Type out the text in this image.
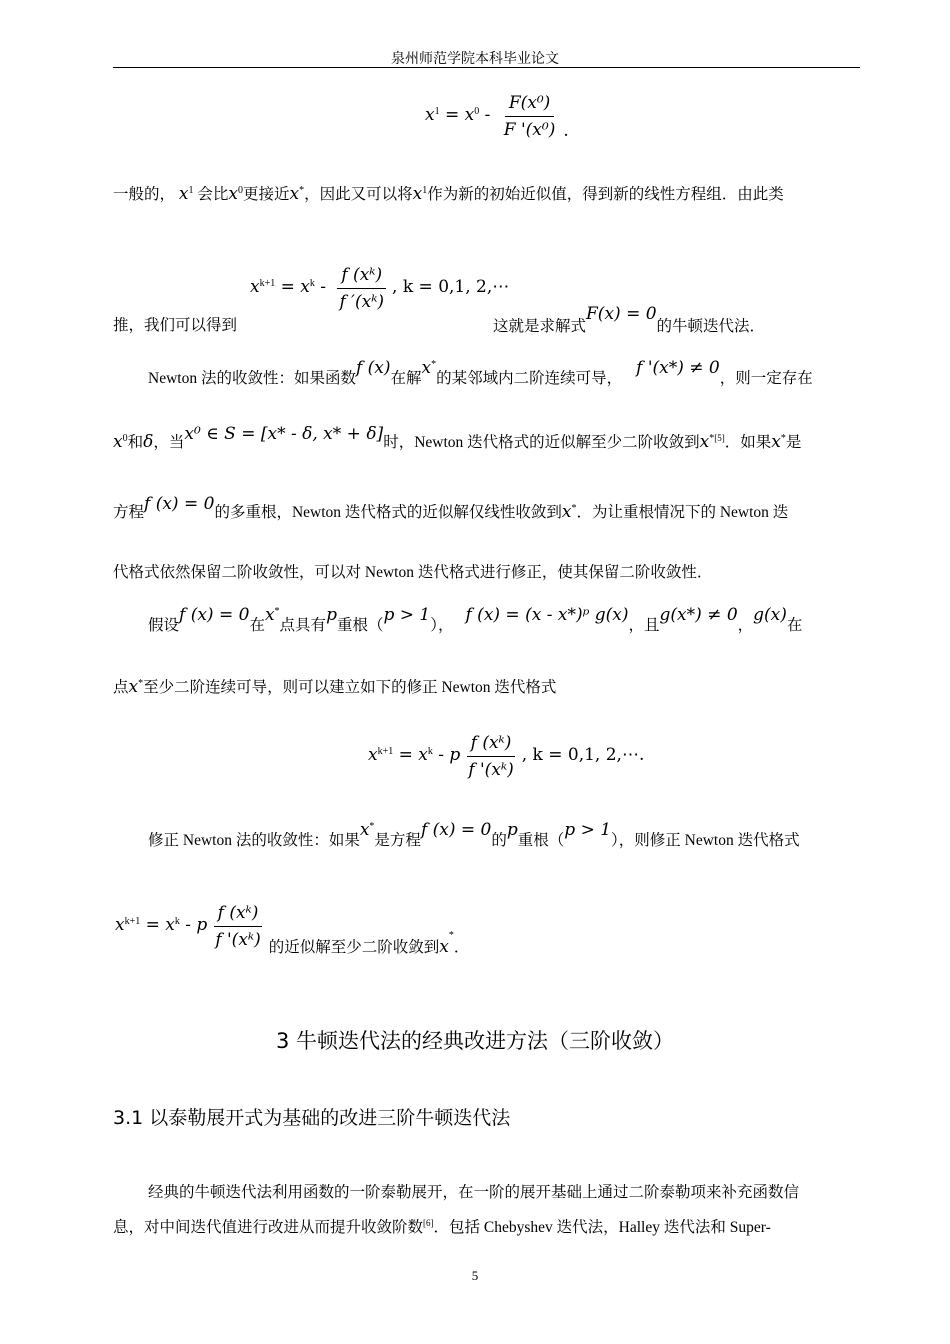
泉州师范学院本科毕业论文
$x^1 = x^0 - \frac{\text{F(x⁰)}}{\text{F '(x⁰)}}$ .
一般的， $x^1$ 会比$x^0$更接近x*，因此又可以将$x^1$作为新的初始近似值，得到新的线性方程组．由此类
$x^{k+1} = x^k - \frac{\text{f (xᵏ)}}{\text{f ′(xᵏ)}}$ , k = 0,1, 2,⋯
推，我们可以得到	这就是求解式F(x) = 0的牛顿迭代法．
Newton 法的收敛性：如果函数f (x)在解x*的某邻域内二阶连续可导，f '(x*) ≠ 0，则一定存在
$x^0$和δ，当x⁰ ∈ S = [x* - δ, x* + δ]时，Newton 迭代格式的近似解至少二阶收敛到x$^{*[5]}$．如果x*是
方程f (x) = 0的多重根，Newton 迭代格式的近似解仅线性收敛到x*．为让重根情况下的 Newton 迭
代格式依然保留二阶收敛性，可以对 Newton 迭代格式进行修正，使其保留二阶收敛性．
假设f (x) = 0在x*点具有p重根（p > 1），f (x) = (x - x*)ᵖ g(x)，且g(x*) ≠ 0，g(x)在
点x*至少二阶连续可导，则可以建立如下的修正 Newton 迭代格式
$x^{k+1} = x^k - p \frac{\text{f (xᵏ)}}{\text{f '(xᵏ)}}$ , k = 0,1, 2,⋯.
修正 Newton 法的收敛性：如果x*是方程f (x) = 0的p重根（p > 1），则修正 Newton 迭代格式
$x^{k+1} = x^k - p \frac{\text{f (xᵏ)}}{\text{f '(xᵏ)}}$ 的近似解至少二阶收敛到x*．
3 牛顿迭代法的经典改进方法（三阶收敛）
3.1 以泰勒展开式为基础的改进三阶牛顿迭代法
经典的牛顿迭代法利用函数的一阶泰勒展开，在一阶的展开基础上通过二阶泰勒项来补充函数信
息，对中间迭代值进行改进从而提升收敛阶数[6]．包括 Chebyshev 迭代法，Halley 迭代法和 Super-
5
